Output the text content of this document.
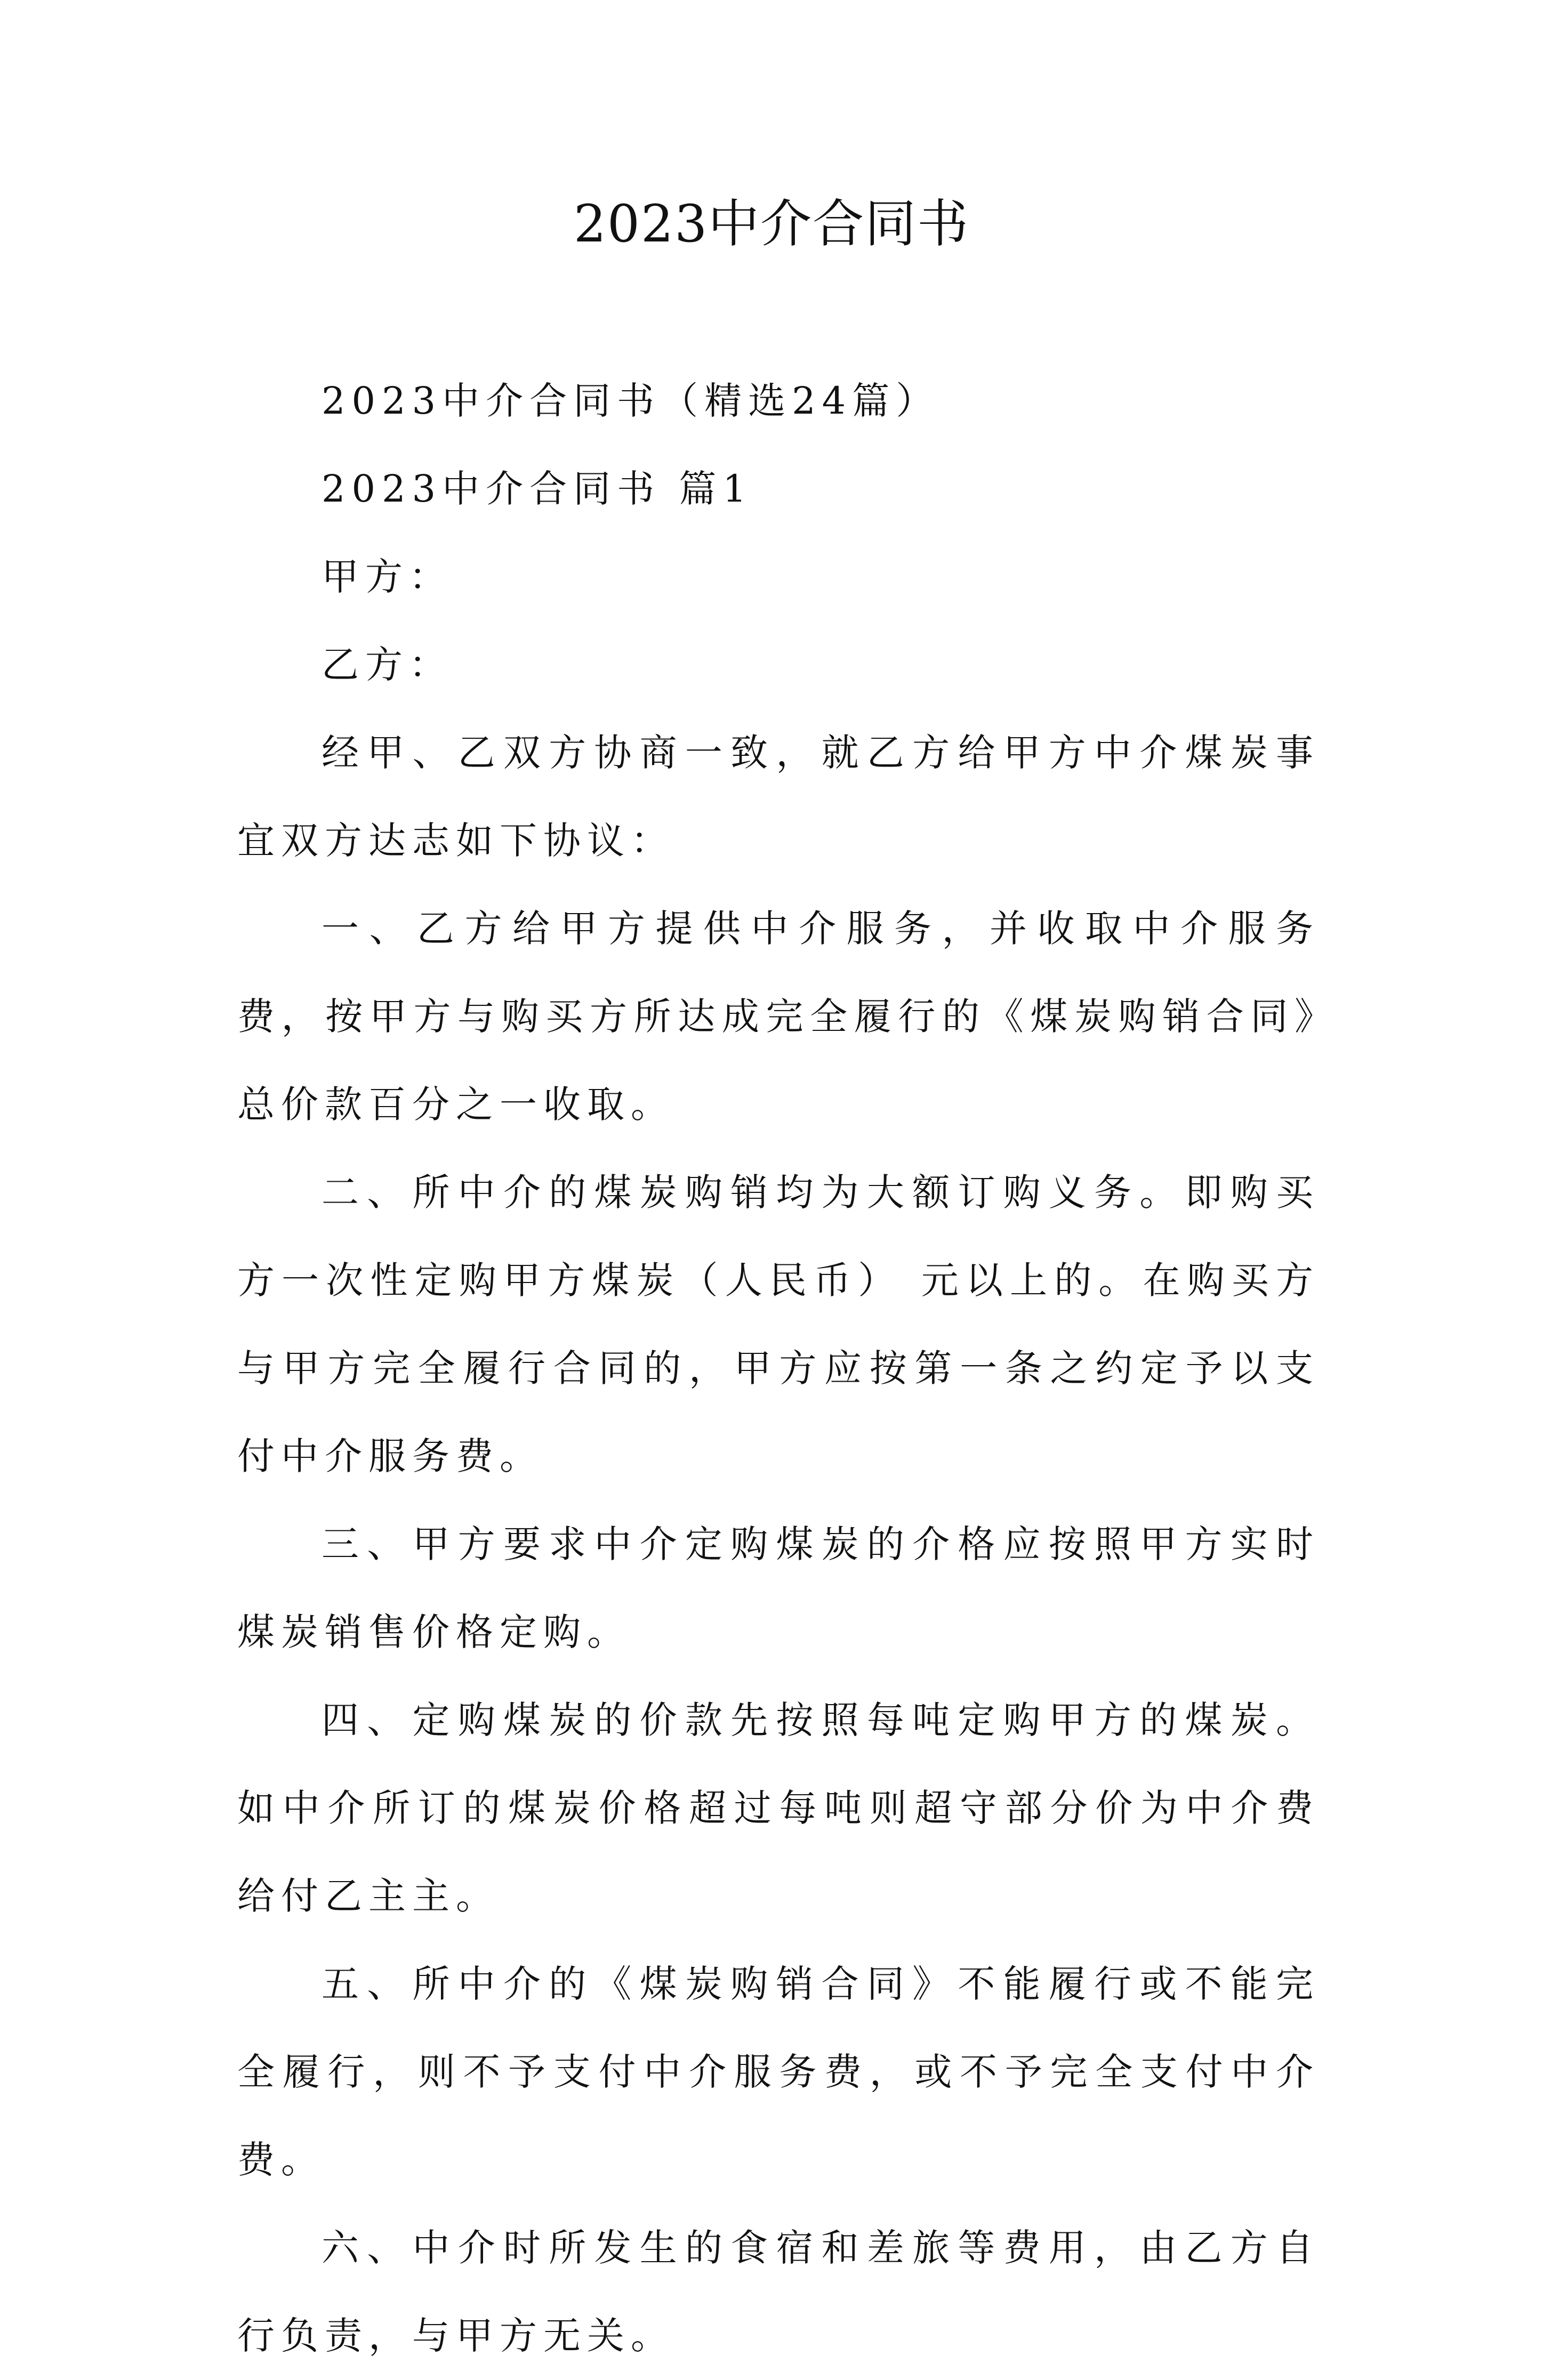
2023中介合同书

2023中介合同书（精选24篇）

2023中介合同书 篇1

甲方：

乙方：

经甲、乙双方协商一致，就乙方给甲方中介煤炭事宜双方达志如下协议：

一、乙方给甲方提供中介服务，并收取中介服务费，按甲方与购买方所达成完全履行的《煤炭购销合同》总价款百分之一收取。

二、所中介的煤炭购销均为大额订购义务。即购买方一次性定购甲方煤炭（人民币） 元以上的。在购买方与甲方完全履行合同的，甲方应按第一条之约定予以支付中介服务费。

三、甲方要求中介定购煤炭的介格应按照甲方实时煤炭销售价格定购。

四、定购煤炭的价款先按照每吨定购甲方的煤炭。如中介所订的煤炭价格超过每吨则超守部分价为中介费给付乙主主。

五、所中介的《煤炭购销合同》不能履行或不能完全履行，则不予支付中介服务费，或不予完全支付中介费。

六、中介时所发生的食宿和差旅等费用，由乙方自行负责，与甲方无关。
